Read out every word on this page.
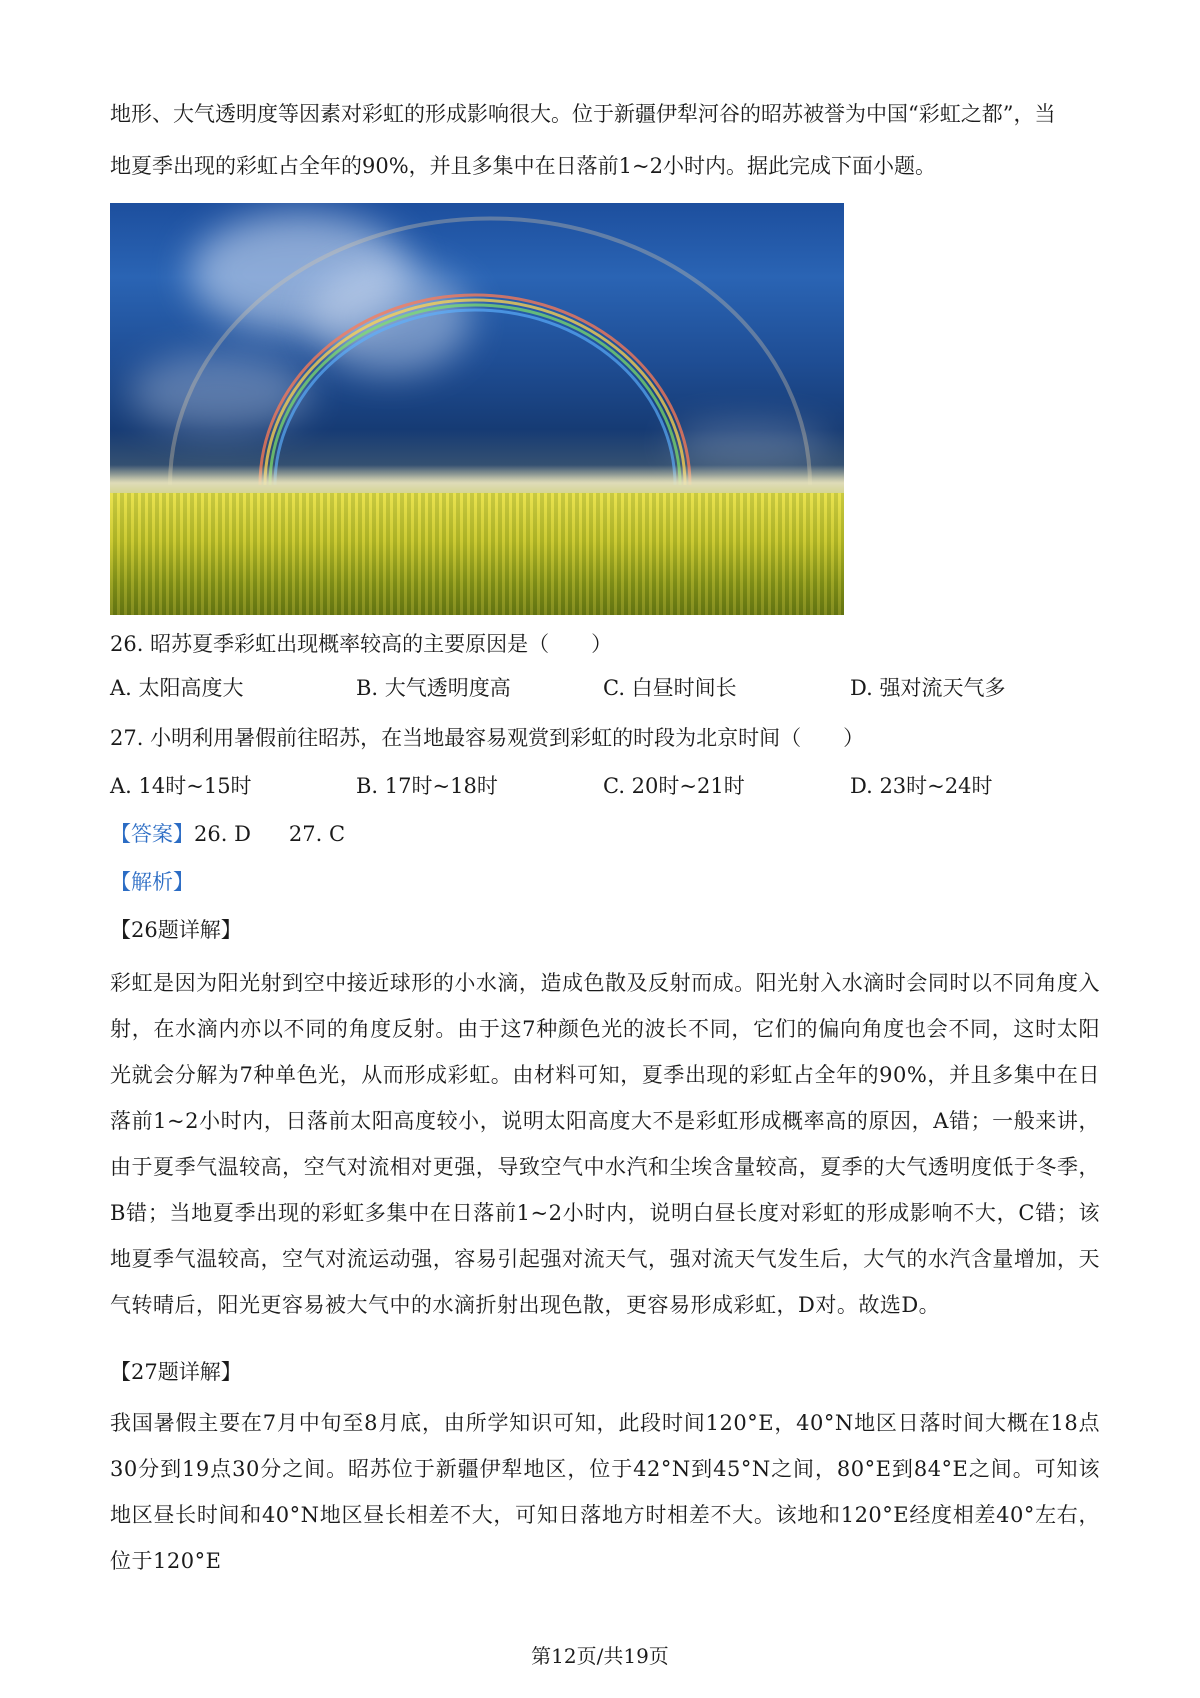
地形、大气透明度等因素对彩虹的形成影响很大。位于新疆伊犁河谷的昭苏被誉为中国“彩虹之都”，当

地夏季出现的彩虹占全年的90%，并且多集中在日落前1~2小时内。据此完成下面小题。

26. 昭苏夏季彩虹出现概率较高的主要原因是（　　）

A. 太阳高度大	B. 大气透明度高	C. 白昼时间长	D. 强对流天气多

27. 小明利用暑假前往昭苏，在当地最容易观赏到彩虹的时段为北京时间（　　）

A. 14时~15时	B. 17时~18时	C. 20时~21时	D. 23时~24时

【答案】26. D 27. C

【解析】

【26题详解】

彩虹是因为阳光射到空中接近球形的小水滴，造成色散及反射而成。阳光射入水滴时会同时以不同角度入射，在水滴内亦以不同的角度反射。由于这7种颜色光的波长不同，它们的偏向角度也会不同，这时太阳光就会分解为7种单色光，从而形成彩虹。由材料可知，夏季出现的彩虹占全年的90%，并且多集中在日落前1~2小时内，日落前太阳高度较小，说明太阳高度大不是彩虹形成概率高的原因，A错；一般来讲，由于夏季气温较高，空气对流相对更强，导致空气中水汽和尘埃含量较高，夏季的大气透明度低于冬季，B错；当地夏季出现的彩虹多集中在日落前1~2小时内，说明白昼长度对彩虹的形成影响不大，C错；该地夏季气温较高，空气对流运动强，容易引起强对流天气，强对流天气发生后，大气的水汽含量增加，天气转晴后，阳光更容易被大气中的水滴折射出现色散，更容易形成彩虹，D对。故选D。

【27题详解】

我国暑假主要在7月中旬至8月底，由所学知识可知，此段时间120°E，40°N地区日落时间大概在18点30分到19点30分之间。昭苏位于新疆伊犁地区，位于42°N到45°N之间，80°E到84°E之间。可知该地区昼长时间和40°N地区昼长相差不大，可知日落地方时相差不大。该地和120°E经度相差40°左右，位于120°E

第12页/共19页
